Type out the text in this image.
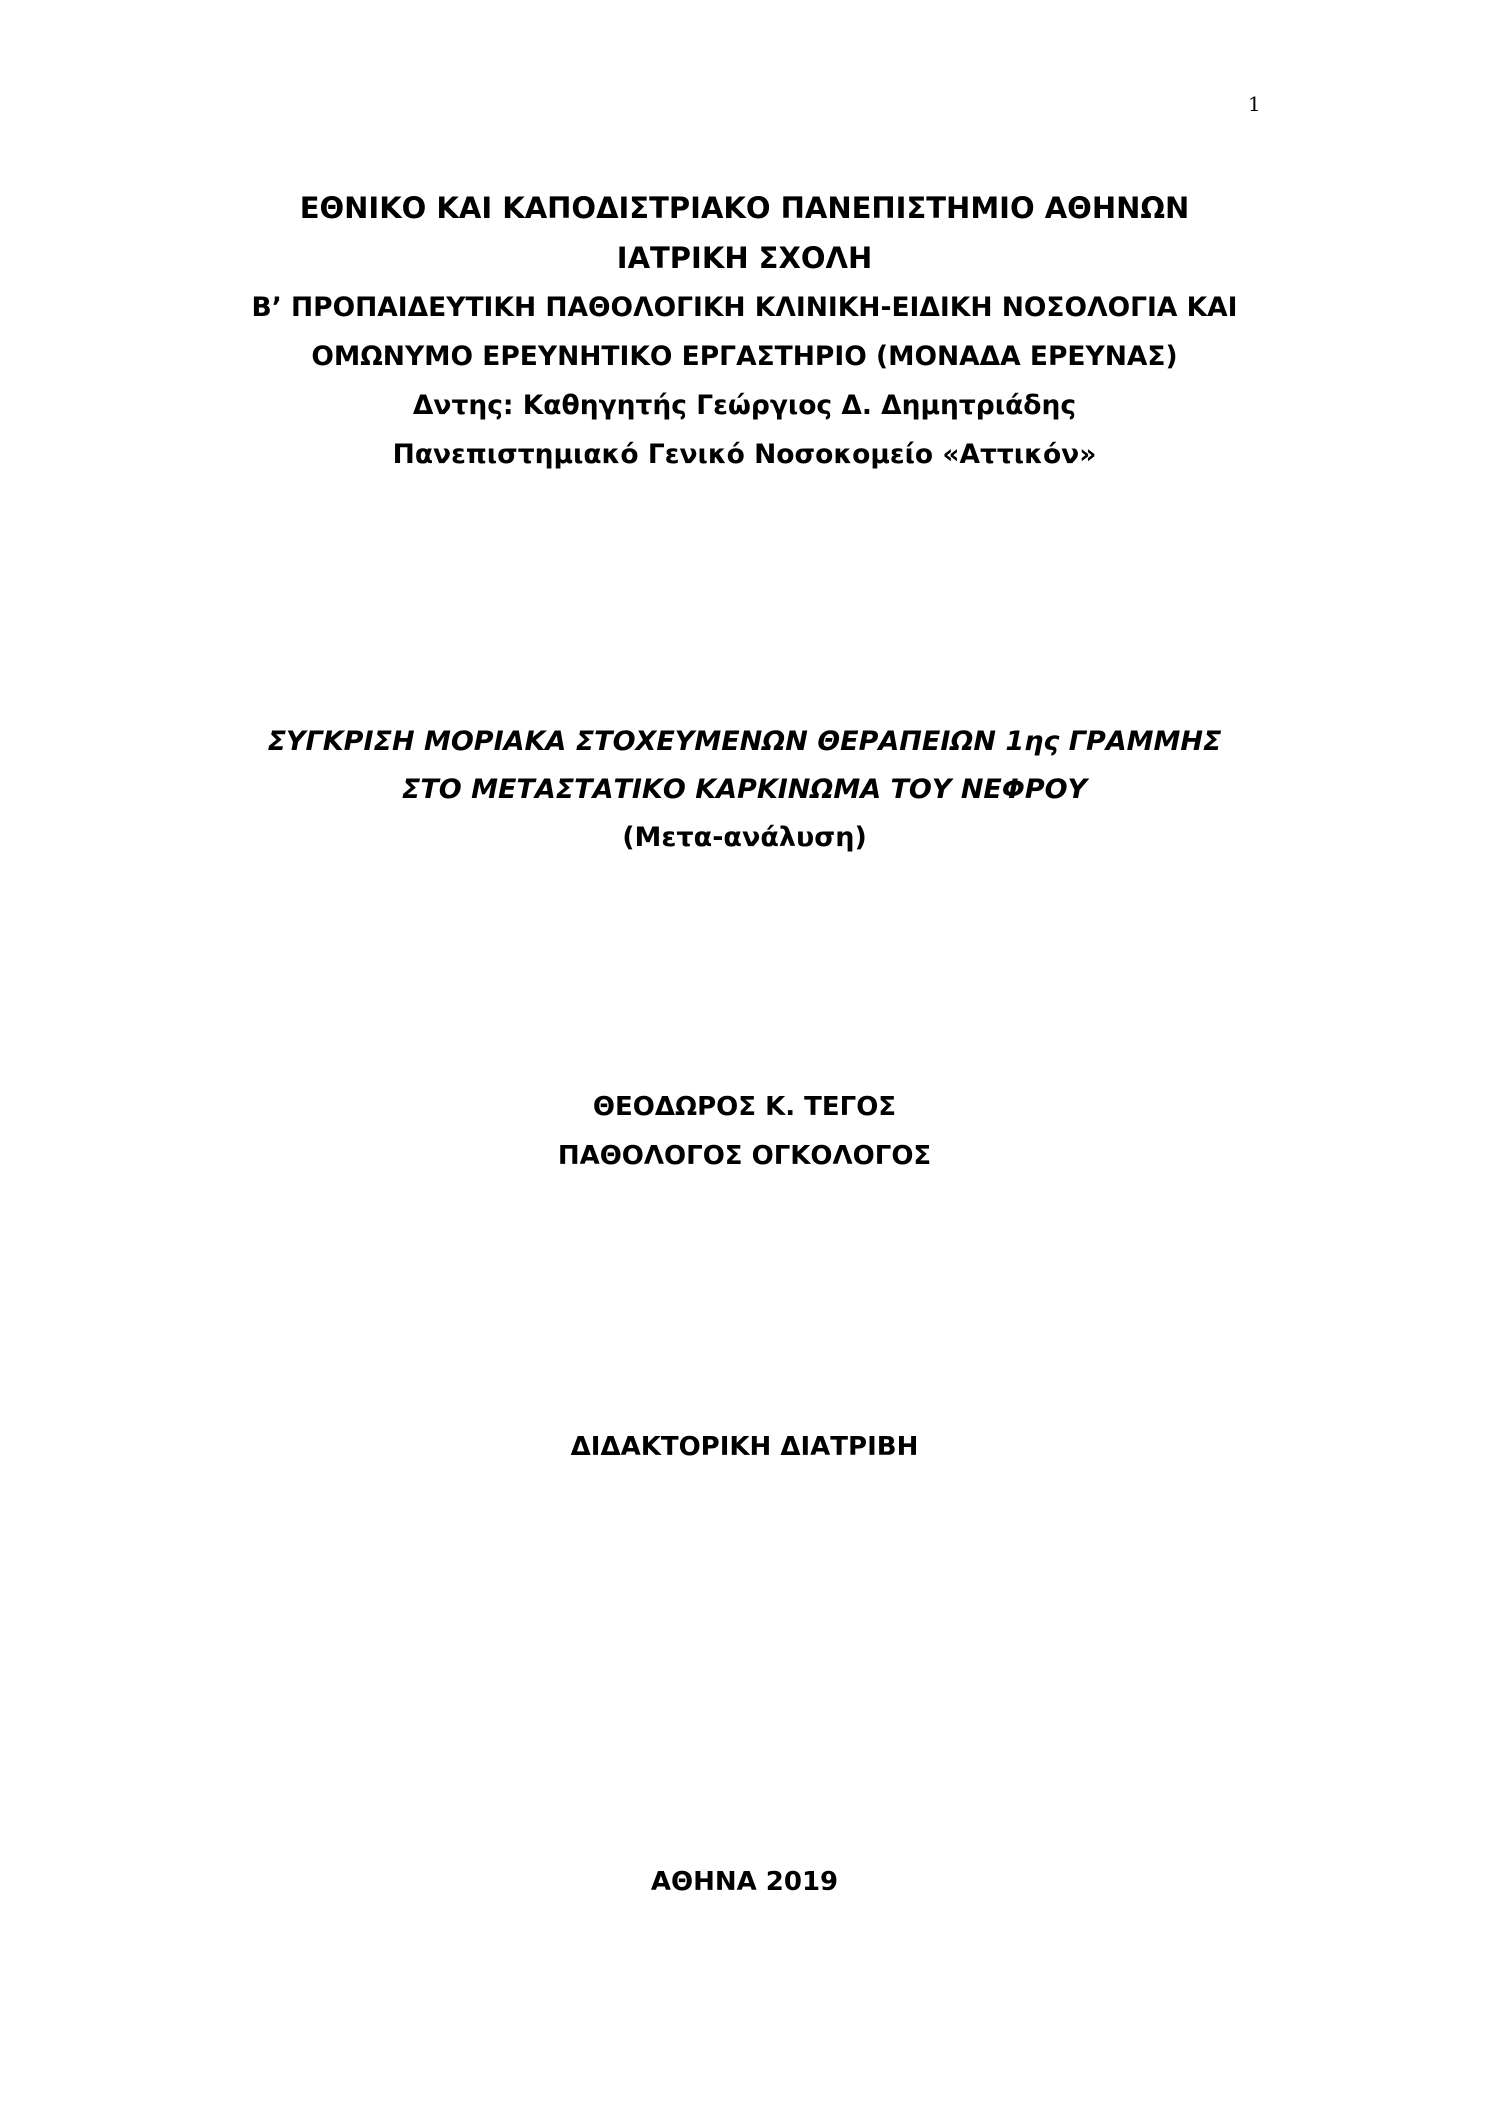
1
ΕΘΝΙΚΟ ΚΑΙ ΚΑΠΟΔΙΣΤΡΙΑΚΟ ΠΑΝΕΠΙΣΤΗΜΙΟ ΑΘΗΝΩΝ
ΙΑΤΡΙΚΗ ΣΧΟΛΗ
Β’ ΠΡΟΠΑΙΔΕΥΤΙΚΗ ΠΑΘΟΛΟΓΙΚΗ ΚΛΙΝΙΚΗ-ΕΙΔΙΚΗ ΝΟΣΟΛΟΓΙΑ ΚΑΙ
ΟΜΩΝΥΜΟ ΕΡΕΥΝΗΤΙΚΟ ΕΡΓΑΣΤΗΡΙΟ (ΜΟΝΑΔΑ ΕΡΕΥΝΑΣ)
Δντης: Καθηγητής Γεώργιος Δ. Δημητριάδης
Πανεπιστημιακό Γενικό Νοσοκομείο «Αττικόν»
ΣΥΓΚΡΙΣΗ ΜΟΡΙΑΚΑ ΣΤΟΧΕΥΜΕΝΩΝ ΘΕΡΑΠΕΙΩΝ 1ης ΓΡΑΜΜΗΣ
ΣΤΟ ΜΕΤΑΣΤΑΤΙΚΟ ΚΑΡΚΙΝΩΜΑ ΤΟΥ ΝΕΦΡΟΥ
(Μετα-ανάλυση)
ΘΕΟΔΩΡΟΣ Κ. ΤΕΓΟΣ
ΠΑΘΟΛΟΓΟΣ ΟΓΚΟΛΟΓΟΣ
ΔΙΔΑΚΤΟΡΙΚΗ ΔΙΑΤΡΙΒΗ
ΑΘΗΝΑ 2019
